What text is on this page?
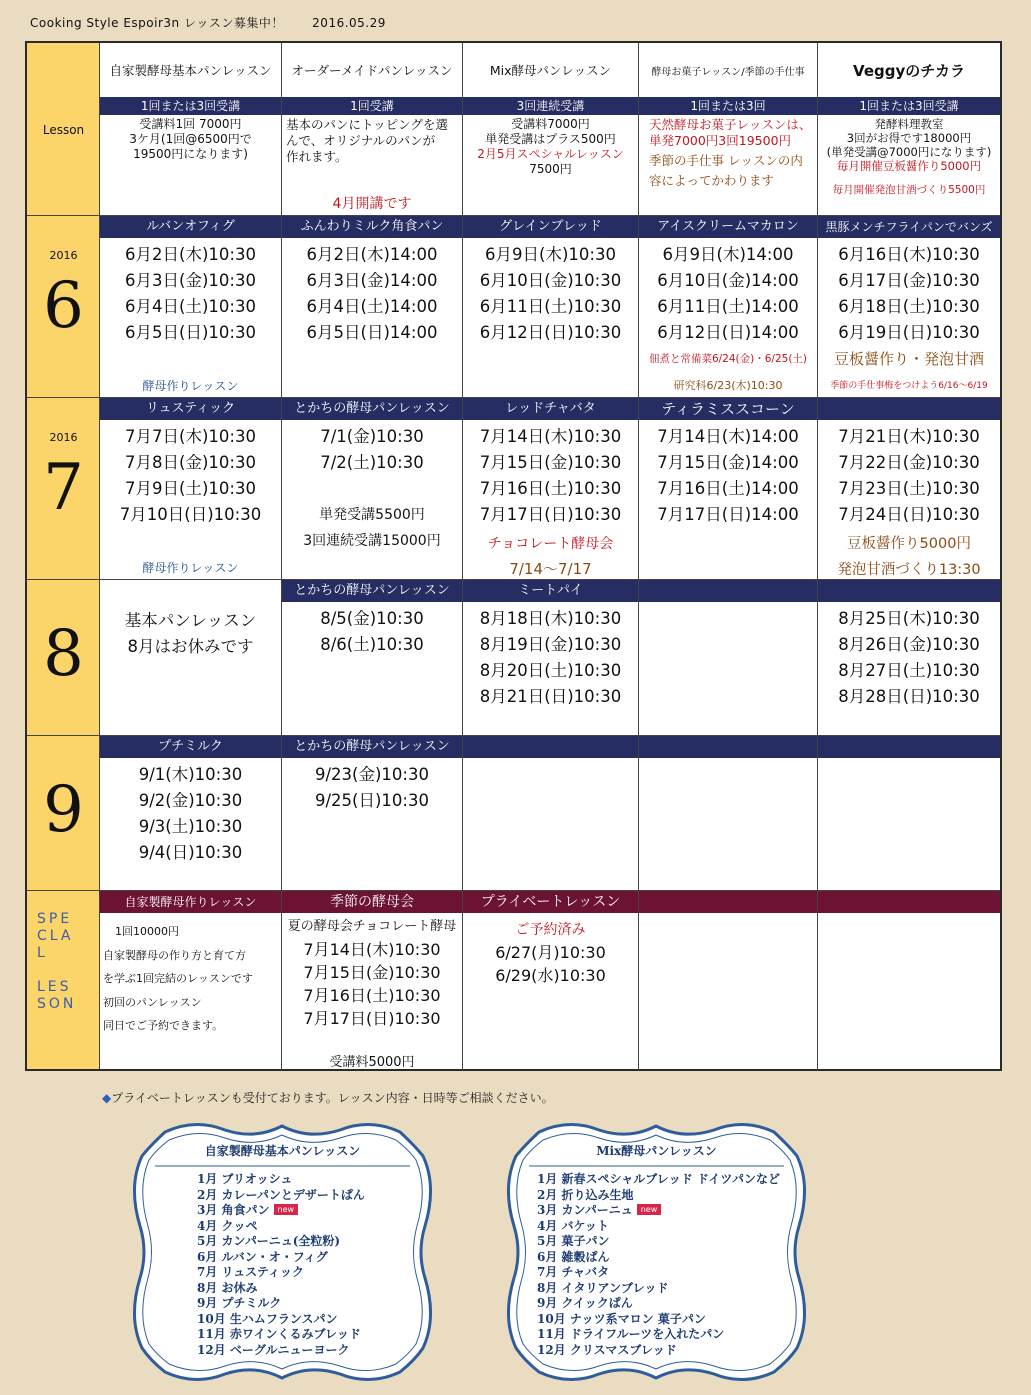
Cooking Style Espoir3n レッスン募集中！ 2016.05.29
Lesson
2016
6
2016
7
8
9
SPE
CLA
L
LES
SON
自家製酵母基本パンレッスン
1回または3回受講
受講料1回 7000円
3ケ月(1回@6500円で
19500円になります)
オーダーメイドパンレッスン
1回受講
基本のパンにトッピングを選
んで、オリジナルのパンが
作れます。
4月開講です
Mix酵母パンレッスン
3回連続受講
受講料7000円
単発受講はプラス500円
2月5月スペシャルレッスン
7500円
酵母お菓子レッスン/季節の手仕事
1回または3回
天然酵母お菓子レッスンは、
単発7000円3回19500円
季節の手仕事 レッスンの内
容によってかわります
Veggyのチカラ
1回または3回受講
発酵料理教室
3回がお得です18000円
(単発受講@7000円になります)
毎月開催豆板醤作り5000円
毎月開催発泡甘酒づくり5500円
ルバンオフィグ
6月2日(木)10:30
6月3日(金)10:30
6月4日(土)10:30
6月5日(日)10:30
酵母作りレッスン
ふんわりミルク角食パン
6月2日(木)14:00
6月3日(金)14:00
6月4日(土)14:00
6月5日(日)14:00
グレインブレッド
6月9日(木)10:30
6月10日(金)10:30
6月11日(土)10:30
6月12日(日)10:30
アイスクリームマカロン
6月9日(木)14:00
6月10日(金)14:00
6月11日(土)14:00
6月12日(日)14:00
佃煮と常備菜6/24(金)・6/25(土)
研究科6/23(木)10:30
黒豚メンチフライパンでバンズ
6月16日(木)10:30
6月17日(金)10:30
6月18日(土)10:30
6月19日(日)10:30
豆板醤作り・発泡甘酒
季節の手仕事梅をつけよう6/16〜6/19
リュスティック
7月7日(木)10:30
7月8日(金)10:30
7月9日(土)10:30
7月10日(日)10:30
酵母作りレッスン
とかちの酵母パンレッスン
7/1(金)10:30
7/2(土)10:30
単発受講5500円
3回連続受講15000円
レッドチャバタ
7月14日(木)10:30
7月15日(金)10:30
7月16日(土)10:30
7月17日(日)10:30
チョコレート酵母会
7/14〜7/17
ティラミススコーン
7月14日(木)14:00
7月15日(金)14:00
7月16日(土)14:00
7月17日(日)14:00
7月21日(木)10:30
7月22日(金)10:30
7月23日(土)10:30
7月24日(日)10:30
豆板醤作り5000円
発泡甘酒づくり13:30
基本パンレッスン
8月はお休みです
とかちの酵母パンレッスン
8/5(金)10:30
8/6(土)10:30
ミートパイ
8月18日(木)10:30
8月19日(金)10:30
8月20日(土)10:30
8月21日(日)10:30
8月25日(木)10:30
8月26日(金)10:30
8月27日(土)10:30
8月28日(日)10:30
プチミルク
9/1(木)10:30
9/2(金)10:30
9/3(土)10:30
9/4(日)10:30
とかちの酵母パンレッスン
9/23(金)10:30
9/25(日)10:30
自家製酵母作りレッスン
1回10000円
自家製酵母の作り方と育て方
を学ぶ1回完結のレッスンです
初回のパンレッスン
同日でご予約できます。
季節の酵母会
夏の酵母会チョコレート酵母
7月14日(木)10:30
7月15日(金)10:30
7月16日(土)10:30
7月17日(日)10:30
受講料5000円
プライベートレッスン
ご予約済み
6/27(月)10:30
6/29(水)10:30
◆プライベートレッスンも受付ております。レッスン内容・日時等ご相談ください。
自家製酵母基本パンレッスン
1月 ブリオッシュ
2月 カレーパンとデザートぱん
3月 角食パン new
4月 クッペ
5月 カンパーニュ(全粒粉)
6月 ルバン・オ・フィグ
7月 リュスティック
8月 お休み
9月 プチミルク
10月 生ハムフランスパン
11月 赤ワインくるみブレッド
12月 ベーグルニューヨーク
Mix酵母パンレッスン
1月 新春スペシャルブレッド ドイツパンなど
2月 折り込み生地
3月 カンパーニュ new
4月 バケット
5月 菓子パン
6月 雑穀ぱん
7月 チャバタ
8月 イタリアンブレッド
9月 クイックぱん
10月 ナッツ系マロン 菓子パン
11月 ドライフルーツを入れたパン
12月 クリスマスブレッド
